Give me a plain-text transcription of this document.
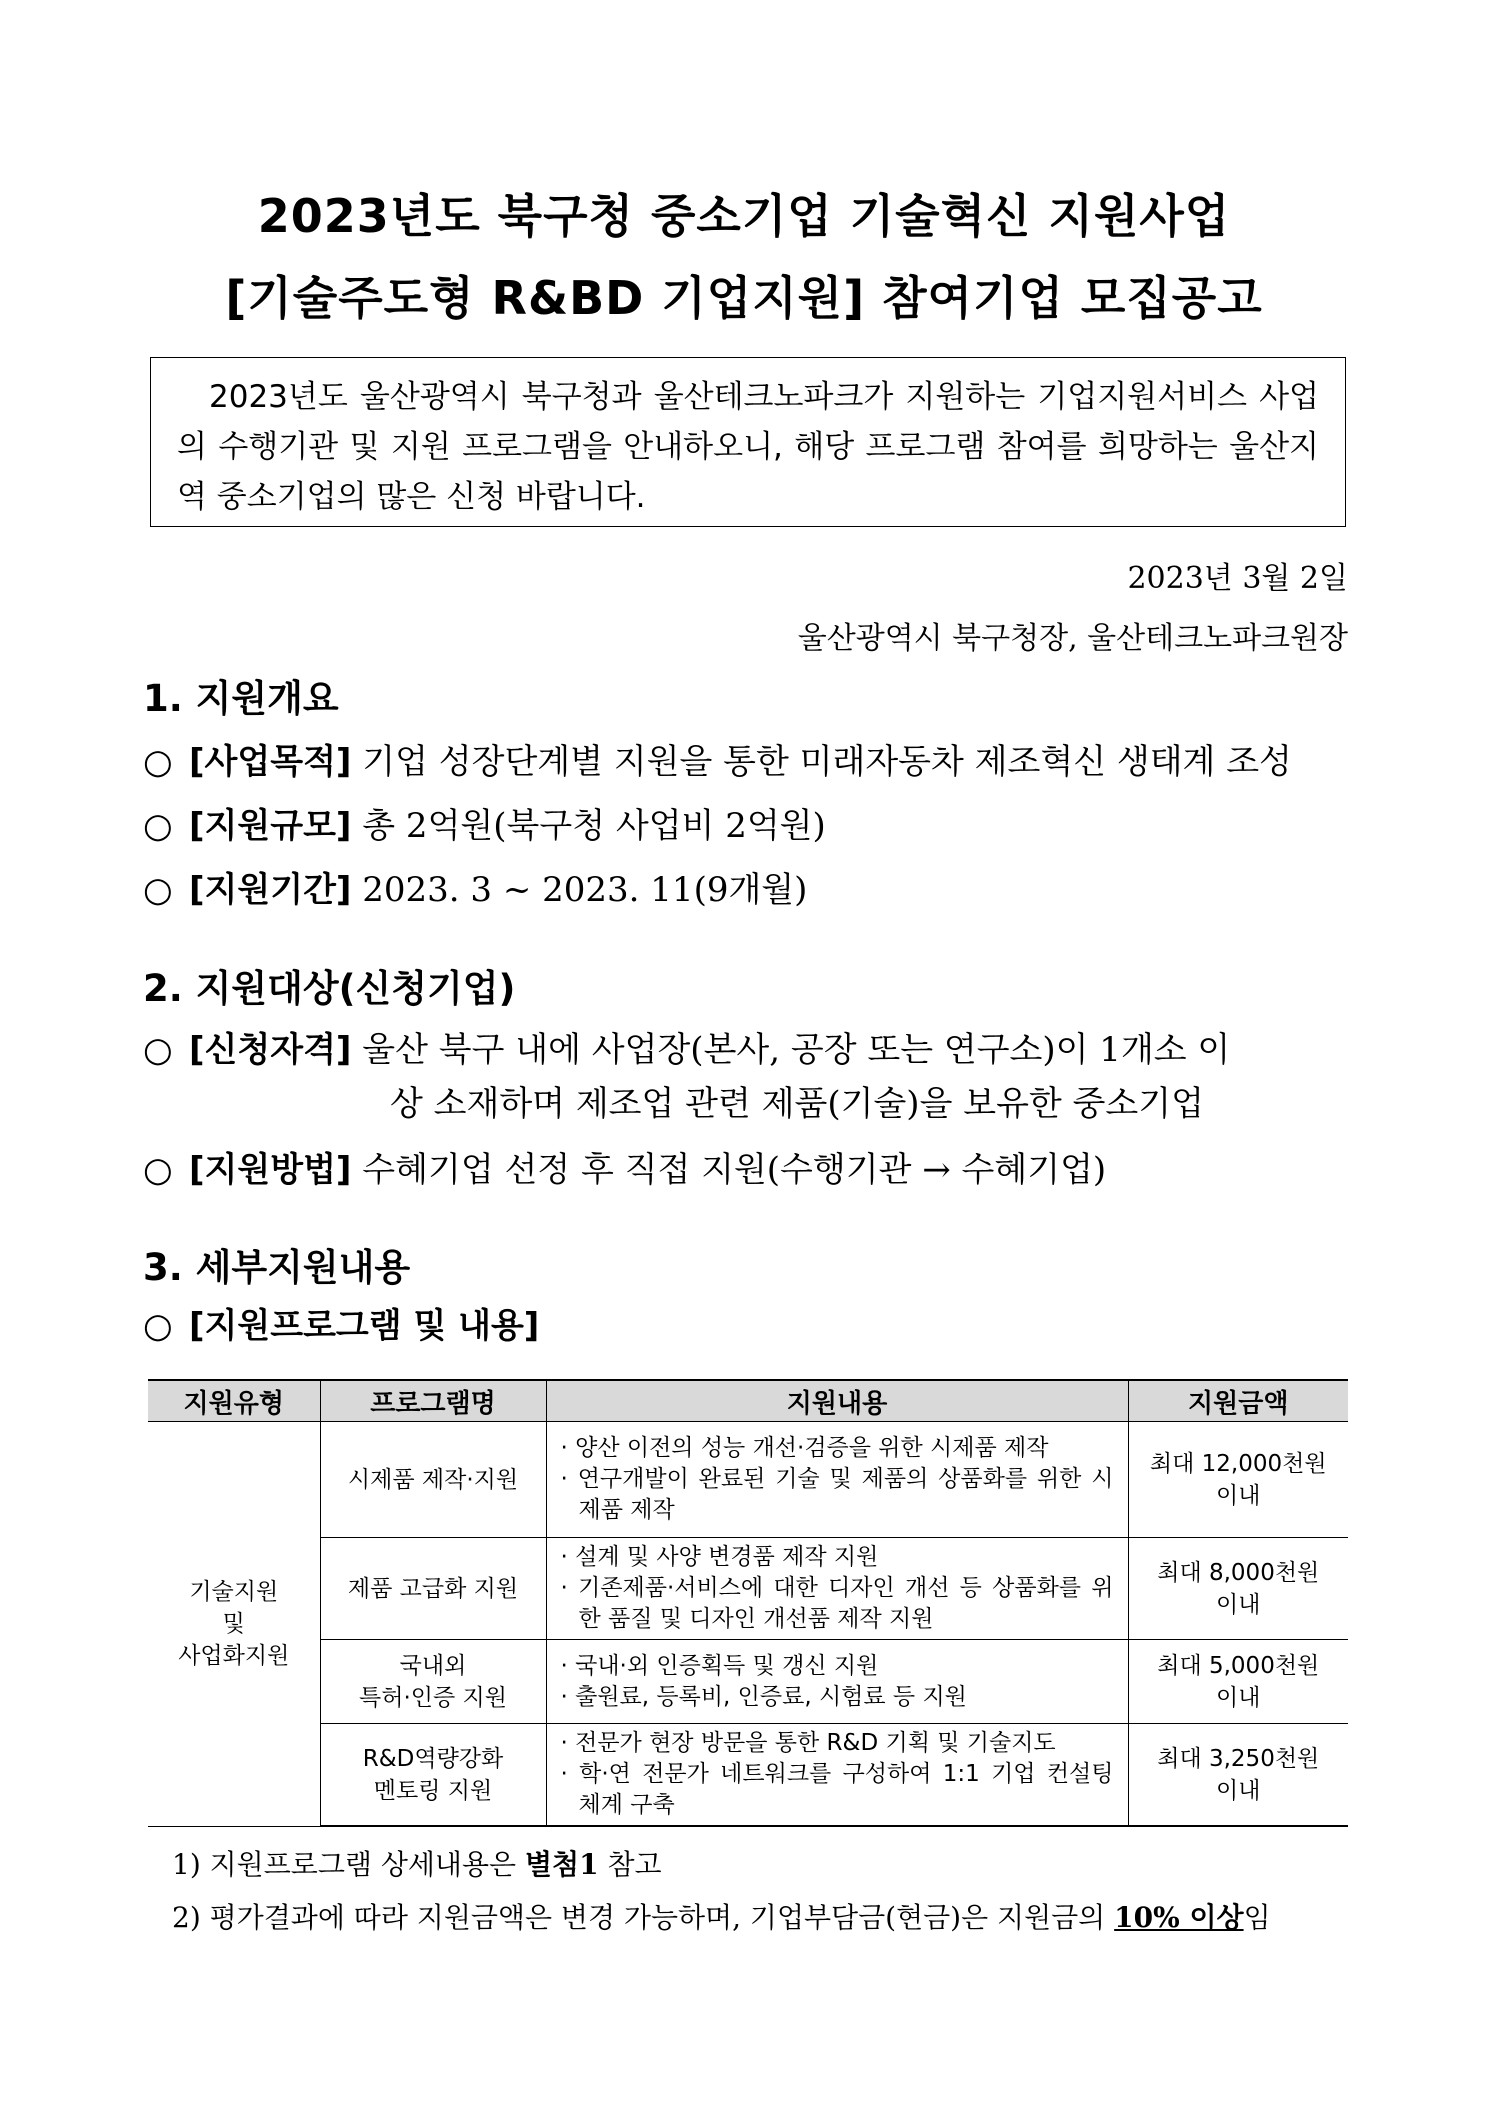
2023년도 북구청 중소기업 기술혁신 지원사업
[기술주도형 R&BD 기업지원] 참여기업 모집공고
2023년도 울산광역시 북구청과 울산테크노파크가 지원하는 기업지원서비스 사업의 수행기관 및 지원 프로그램을 안내하오니, 해당 프로그램 참여를 희망하는 울산지역 중소기업의 많은 신청 바랍니다.
2023년 3월 2일
울산광역시 북구청장, 울산테크노파크원장
1. 지원개요
○ [사업목적] 기업 성장단계별 지원을 통한 미래자동차 제조혁신 생태계 조성
○ [지원규모] 총 2억원(북구청 사업비 2억원)
○ [지원기간] 2023. 3 ~ 2023. 11(9개월)
2. 지원대상(신청기업)
○ [신청자격] 울산 북구 내에 사업장(본사, 공장 또는 연구소)이 1개소 이
상 소재하며 제조업 관련 제품(기술)을 보유한 중소기업
○ [지원방법] 수혜기업 선정 후 직접 지원(수행기관 → 수혜기업)
3. 세부지원내용
○ [지원프로그램 및 내용]
지원유형	프로그램명	지원내용	지원금액

기술지원
및
사업화지원	시제품 제작·지원	· 양산 이전의 성능 개선·검증을 위한 시제품 제작
· 연구개발이 완료된 기술 및 제품의 상품화를 위한 시제품 제작	최대 12,000천원
이내

	제품 고급화 지원	· 설계 및 사양 변경품 제작 지원
· 기존제품·서비스에 대한 디자인 개선 등 상품화를 위한 품질 및 디자인 개선품 제작 지원	최대 8,000천원
이내

	국내외
특허·인증 지원	· 국내·외 인증획득 및 갱신 지원
· 출원료, 등록비, 인증료, 시험료 등 지원	최대 5,000천원
이내

	R&D역량강화
멘토링 지원	· 전문가 현장 방문을 통한 R&D 기획 및 기술지도
· 학·연 전문가 네트워크를 구성하여 1:1 기업 컨설팅 체계 구축	최대 3,250천원
이내
1) 지원프로그램 상세내용은 별첨1 참고
2) 평가결과에 따라 지원금액은 변경 가능하며, 기업부담금(현금)은 지원금의 10% 이상임
